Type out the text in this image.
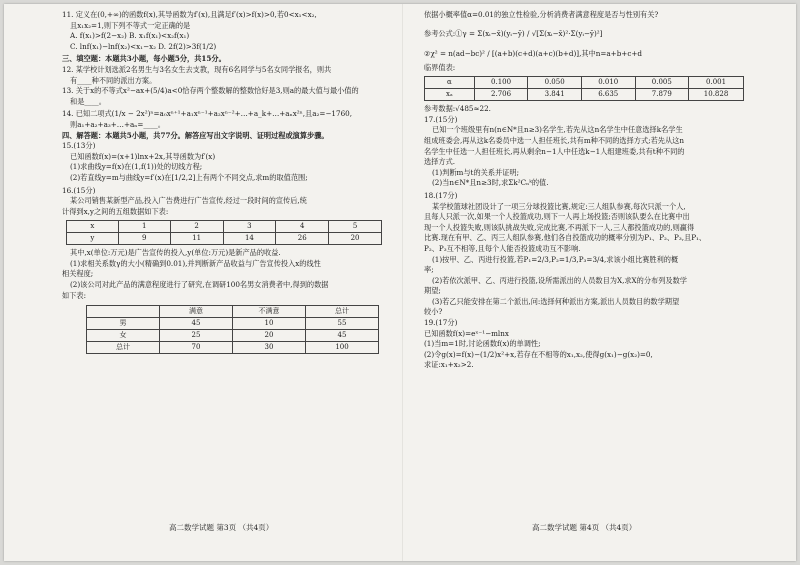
11. 定义在(0,+∞)的函数f(x),其导函数为f′(x),且满足f′(x)>f(x)>0,若0<x₁<x₂,
且x₁x₂=1,则下列不等式一定正确的是
A. f(x₁)>f(2−x₂) B. x₁f(x₁)<x₂f(x₁)
C. lnf(x₁)−lnf(x₂)<x₁−x₂ D. 2f(2)>3f(1/2)
三、填空题：本题共3小题，每小题5分，共15分。
12. 某学校计划选派2名男生与3名女生去支教，现有6名同学与5名女同学报名，则共
有____种不同的派出方案。
13. 关于x的不等式x²−ax+(5/4)a<0恰存两个整数解的整数恰好是3,则a的最大值与最小值的
和是____。
14. 已知二项式(1/x − 2x²)ⁿ=a₀xⁿ⁺¹+a₁xⁿ⁻¹+a₂xⁿ⁻²+…+a_k+…+aₙx²ⁿ,且a₂=−1760,
则a₁+a₂+a₃+…+aₙ=____。
四、解答题：本题共5小题，共77分。解答应写出文字说明、证明过程或演算步骤。
15.(13分)
已知函数f(x)=(x+1)lnx+2x,其导函数为f′(x)
(1)求曲线y=f(x)在(1,f(1))处的切线方程;
(2)若直线y=m与曲线y=f′(x)在[1/2,2]上有两个不同交点,求m的取值范围;
16.(15分)
某公司销售某新型产品,投入广告费进行广告宣传,经过一段时间的宣传后,统
计得到x,y之间的五组数据如下表:
x	1	2	3	4	5
y	9	11	14	26	20
其中,x(单位:万元)是广告宣传的投入,y(单位:万元)是新产品的收益.
(1)求相关系数γ的大小(精确到0.01),并判断新产品收益与广告宣传投入x的线性
相关程度;
(2)该公司对此产品的满意程度进行了研究,在调研100名男女消费者中,得到的数据
如下表:
	满意	不满意	总计
男	45	10	55
女	25	20	45
总计	70	30	100
依据小概率值α=0.01的独立性检验,分析消费者满意程度是否与性别有关?
参考公式:①γ = Σ(xᵢ−x̄)(yᵢ−ȳ) / √[Σ(xᵢ−x̄)²·Σ(yᵢ−ȳ)²]
②χ² = n(ad−bc)² / [(a+b)(c+d)(a+c)(b+d)],其中n=a+b+c+d
临界值表:
α	0.100	0.050	0.010	0.005	0.001
xₐ	2.706	3.841	6.635	7.879	10.828
参考数据:√485≈22.
17.(15分)
已知一个班级里有n(n∈N*且n≥3)名学生,若先从这n名学生中任意选择k名学生
组成班委会,再从这k名委员中选一人担任班长,共有m种不同的选择方式;若先从这n
名学生中任选一人担任班长,再从剩余n−1人中任选k−1人组建班委,共有t种不同的
选择方式.
(1)判断m与t的关系并证明;
(2)当n∈N*且n≥3时,求Σk²Cₙᵏ的值.
18.(17分)
某学校篮球社团设计了一项三分球投篮比赛,规定:三人组队参赛,每次只派一个人,
且每人只派一次,如果一个人投篮成功,则下一人再上场投篮;否则该队要么在比赛中出
现一个人投篮失败,则该队挑战失败,完成比赛,不再派下一人,三人都投篮成功的,则赢得
比赛.现在有甲、乙、丙三人组队参赛,他们各自投篮成功的概率分别为P₁、P₂、P₃,且P₁、
P₂、P₃互不相等,且每个人能否投篮成功互不影响.
(1)按甲、乙、丙进行投篮,若P₁=2/3,P₂=1/3,P₃=3/4,求该小组比赛胜利的概
率;
(2)若依次派甲、乙、丙进行投篮,设所需派出的人员数目为X,求X的分布列及数学
期望;
(3)若乙只能安排在第二个派出,问:选择何种派出方案,派出人员数目的数学期望
较小?
19.(17分)
已知函数f(x)=eˣ⁻¹−mlnx
(1)当m=1时,讨论函数f(x)的单调性;
(2)令g(x)=f(x)−(1/2)x²+x,若存在不相等的x₁,x₂,使得g(x₁)−g(x₂)=0,
求证:x₁+x₂>2.
高二数学试题 第3页 （共4页）	高二数学试题 第4页 （共4页）
